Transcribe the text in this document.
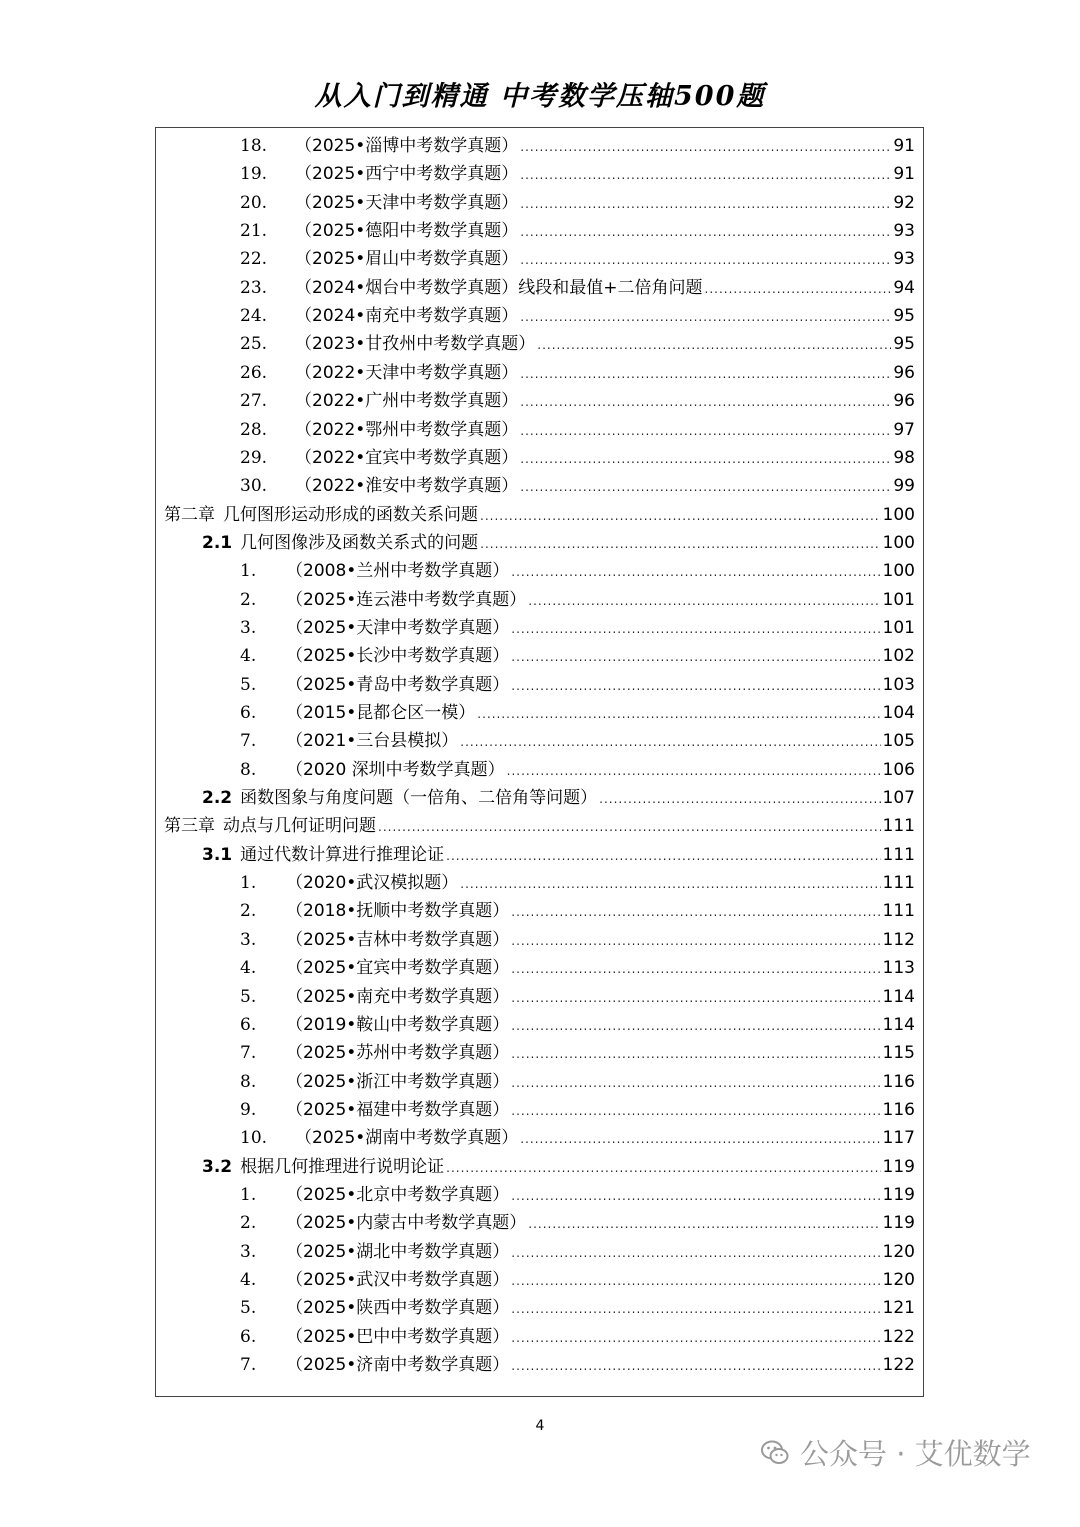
从入门到精通 中考数学压轴500题
18.	（2025•淄博中考数学真题） .....	91
19.	（2025•西宁中考数学真题） .....	91
20.	（2025•天津中考数学真题） .....	92
21.	（2025•德阳中考数学真题） .....	93
22.	（2025•眉山中考数学真题） .....	93
23.	（2024•烟台中考数学真题）线段和最值+二倍角问题 .....	94
24.	（2024•南充中考数学真题） .....	95
25.	（2023•甘孜州中考数学真题） .....	95
26.	（2022•天津中考数学真题） .....	96
27.	（2022•广州中考数学真题） .....	96
28.	（2022•鄂州中考数学真题） .....	97
29.	（2022•宜宾中考数学真题） .....	98
30.	（2022•淮安中考数学真题） .....	99
第二章 几何图形运动形成的函数关系问题 .....	100
2.1 几何图像涉及函数关系式的问题 .....	100
1.	（2008•兰州中考数学真题） .....	100
2.	（2025•连云港中考数学真题） .....	101
3.	（2025•天津中考数学真题） .....	101
4.	（2025•长沙中考数学真题） .....	102
5.	（2025•青岛中考数学真题） .....	103
6.	（2015•昆都仑区一模） .....	104
7.	（2021•三台县模拟） .....	105
8.	（2020 深圳中考数学真题） .....	106
2.2 函数图象与角度问题（一倍角、二倍角等问题） .....	107
第三章 动点与几何证明问题 .....	111
3.1 通过代数计算进行推理论证 .....	111
1.	（2020•武汉模拟题） .....	111
2.	（2018•抚顺中考数学真题） .....	111
3.	（2025•吉林中考数学真题） .....	112
4.	（2025•宜宾中考数学真题） .....	113
5.	（2025•南充中考数学真题） .....	114
6.	（2019•鞍山中考数学真题） .....	114
7.	（2025•苏州中考数学真题） .....	115
8.	（2025•浙江中考数学真题） .....	116
9.	（2025•福建中考数学真题） .....	116
10.	（2025•湖南中考数学真题） .....	117
3.2 根据几何推理进行说明论证 .....	119
1.	（2025•北京中考数学真题） .....	119
2.	（2025•内蒙古中考数学真题） .....	119
3.	（2025•湖北中考数学真题） .....	120
4.	（2025•武汉中考数学真题） .....	120
5.	（2025•陕西中考数学真题） .....	121
6.	（2025•巴中中考数学真题） .....	122
7.	（2025•济南中考数学真题） .....	122
4
公众号 · 艾优数学
